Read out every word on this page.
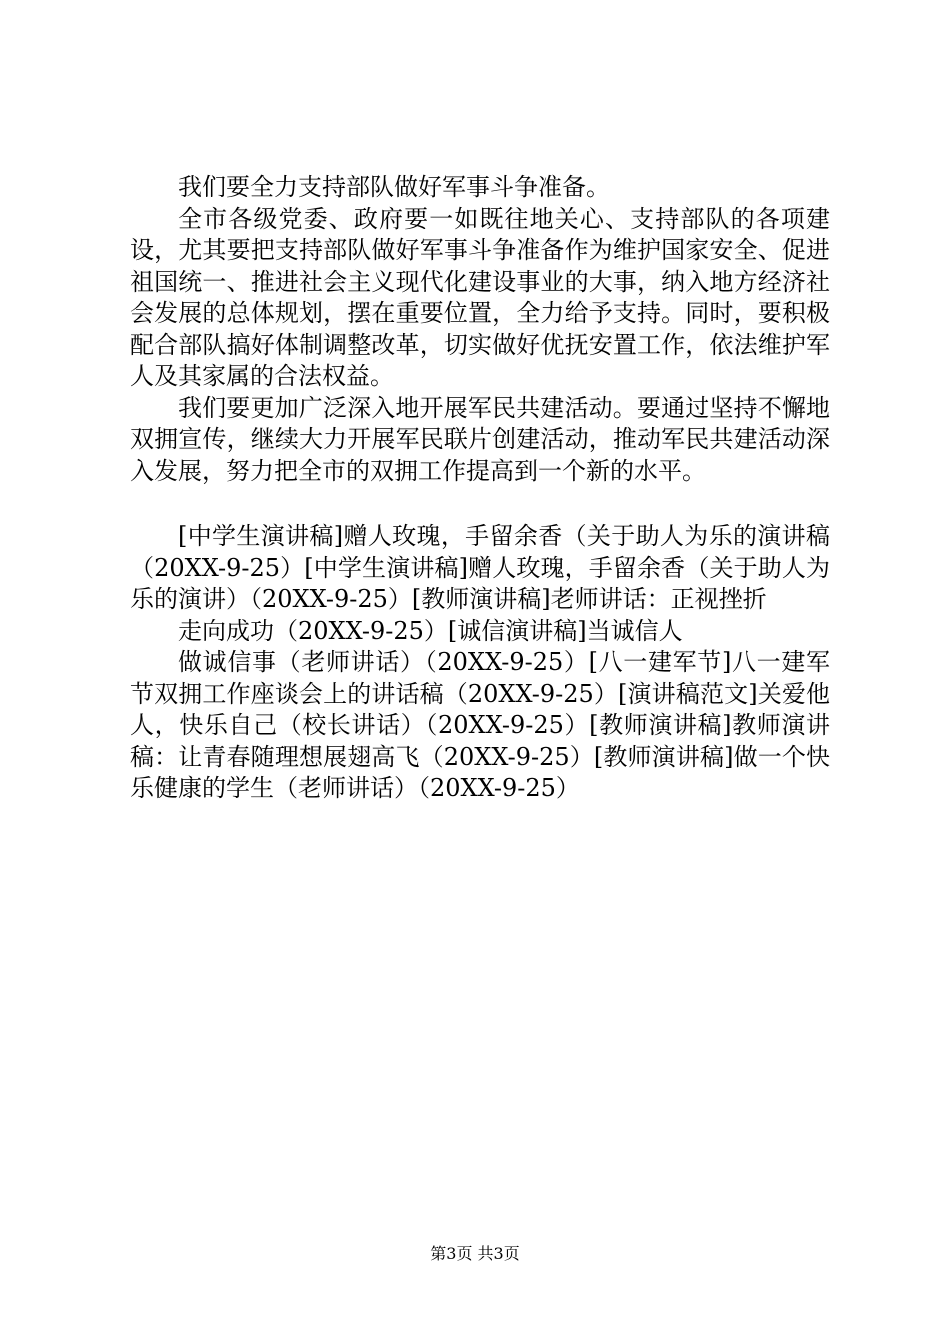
我们要全力支持部队做好军事斗争准备。

全市各级党委、政府要一如既往地关心、支持部队的各项建设，尤其要把支持部队做好军事斗争准备作为维护国家安全、促进祖国统一、推进社会主义现代化建设事业的大事，纳入地方经济社会发展的总体规划，摆在重要位置，全力给予支持。同时，要积极配合部队搞好体制调整改革，切实做好优抚安置工作，依法维护军人及其家属的合法权益。

我们要更加广泛深入地开展军民共建活动。要通过坚持不懈地双拥宣传，继续大力开展军民联片创建活动，推动军民共建活动深入发展，努力把全市的双拥工作提高到一个新的水平。

[中学生演讲稿]赠人玫瑰，手留余香（关于助人为乐的演讲稿（20XX-9-25）[中学生演讲稿]赠人玫瑰，手留余香（关于助人为乐的演讲）（20XX-9-25）[教师演讲稿]老师讲话：正视挫折

走向成功（20XX-9-25）[诚信演讲稿]当诚信人

做诚信事（老师讲话）（20XX-9-25）[八一建军节]八一建军节双拥工作座谈会上的讲话稿（20XX-9-25）[演讲稿范文]关爱他人，快乐自己（校长讲话）（20XX-9-25）[教师演讲稿]教师演讲稿：让青春随理想展翅高飞（20XX-9-25）[教师演讲稿]做一个快乐健康的学生（老师讲话）（20XX-9-25）

第3页 共3页
